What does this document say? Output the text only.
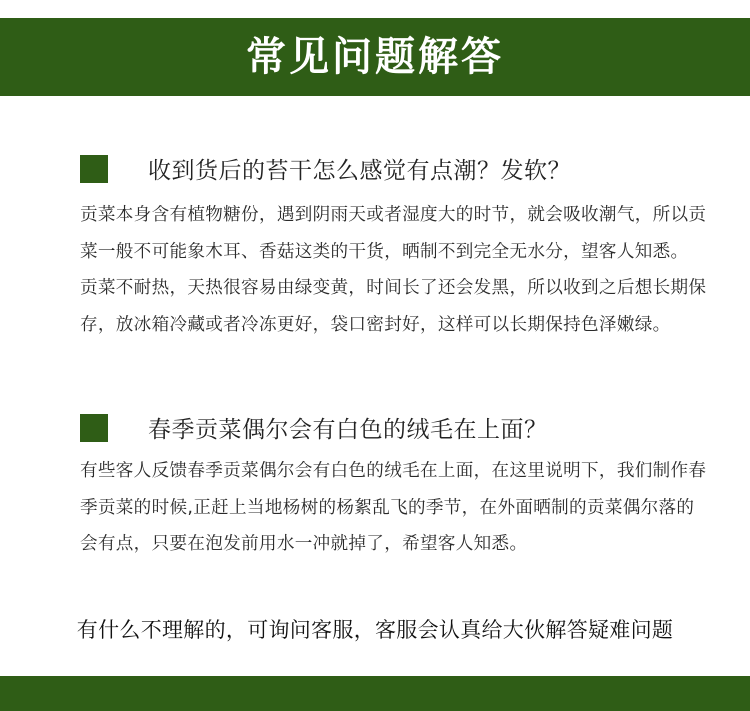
常见问题解答
收到货后的苔干怎么感觉有点潮？发软？

贡菜本身含有植物糖份，遇到阴雨天或者湿度大的时节，就会吸收潮气，所以贡菜一般不可能象木耳、香菇这类的干货，晒制不到完全无水分，望客人知悉。 贡菜不耐热，天热很容易由绿变黄，时间长了还会发黑，所以收到之后想长期保存，放冰箱冷藏或者冷冻更好，袋口密封好，这样可以长期保持色泽嫩绿。

春季贡菜偶尔会有白色的绒毛在上面？

有些客人反馈春季贡菜偶尔会有白色的绒毛在上面，在这里说明下，我们制作春季贡菜的时候,正赶上当地杨树的杨絮乱飞的季节，在外面晒制的贡菜偶尔落的会有点，只要在泡发前用水一冲就掉了，希望客人知悉。

有什么不理解的，可询问客服，客服会认真给大伙解答疑难问题
